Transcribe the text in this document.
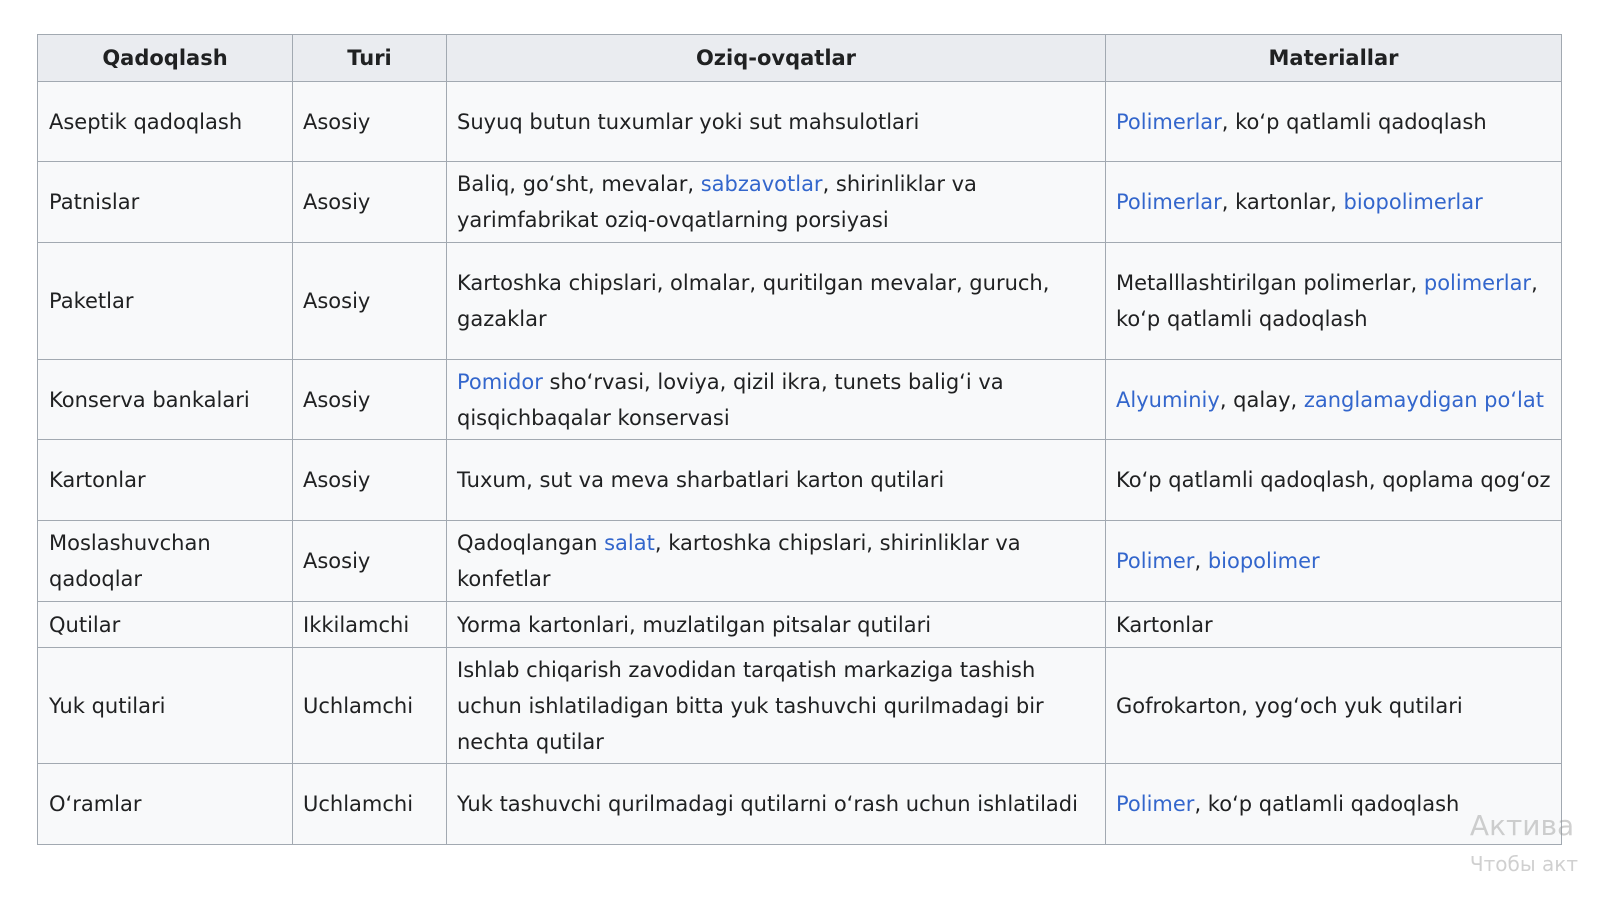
Qadoqlash	Turi	Oziq-ovqatlar	Materiallar
Aseptik qadoqlash	Asosiy	Suyuq butun tuxumlar yoki sut mahsulotlari	Polimerlar, ko‘p qatlamli qadoqlash
Patnislar	Asosiy	Baliq, go‘sht, mevalar, sabzavotlar, shirinliklar va yarimfabrikat oziq-ovqatlarning porsiyasi	Polimerlar, kartonlar, biopolimerlar
Paketlar	Asosiy	Kartoshka chipslari, olmalar, quritilgan mevalar, guruch, gazaklar	Metalllashtirilgan polimerlar, polimerlar, ko‘p qatlamli qadoqlash
Konserva bankalari	Asosiy	Pomidor sho‘rvasi, loviya, qizil ikra, tunets balig‘i va qisqichbaqalar konservasi	Alyuminiy, qalay, zanglamaydigan po‘lat
Kartonlar	Asosiy	Tuxum, sut va meva sharbatlari karton qutilari	Ko‘p qatlamli qadoqlash, qoplama qog‘oz
Moslashuvchan qadoqlar	Asosiy	Qadoqlangan salat, kartoshka chipslari, shirinliklar va konfetlar	Polimer, biopolimer
Qutilar	Ikkilamchi	Yorma kartonlari, muzlatilgan pitsalar qutilari	Kartonlar
Yuk qutilari	Uchlamchi	Ishlab chiqarish zavodidan tarqatish markaziga tashish uchun ishlatiladigan bitta yuk tashuvchi qurilmadagi bir nechta qutilar	Gofrokarton, yog‘och yuk qutilari
O‘ramlar	Uchlamchi	Yuk tashuvchi qurilmadagi qutilarni o‘rash uchun ishlatiladi	Polimer, ko‘p qatlamli qadoqlash
Актива
Чтобы акт
